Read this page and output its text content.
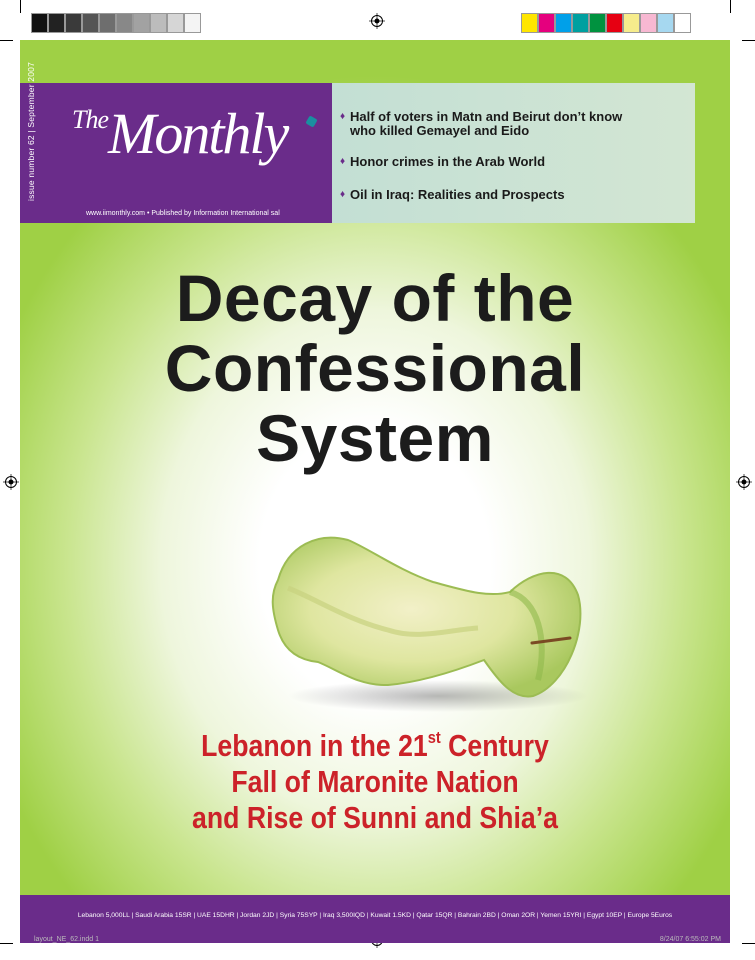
issue number 62 | September 2007 TheMonthly
www.iimonthly.com • Published by Information International sal
♦ Half of voters in Matn and Beirut don’t know
who killed Gemayel and Eido
♦ Honor crimes in the Arab World
♦ Oil in Iraq: Realities and Prospects
Decay of the
Confessional
System
Lebanon in the 21st Century
Fall of Maronite Nation
and Rise of Sunni and Shia’a
Lebanon 5,000LL | Saudi Arabia 15SR | UAE 15DHR | Jordan 2JD | Syria 75SYP | Iraq 3,500IQD | Kuwait 1.5KD | Qatar 15QR | Bahrain 2BD | Oman 2OR | Yemen 15YRI | Egypt 10EP | Europe 5Euros
layout_NE_62.indd 1	8/24/07 6:55:02 PM
